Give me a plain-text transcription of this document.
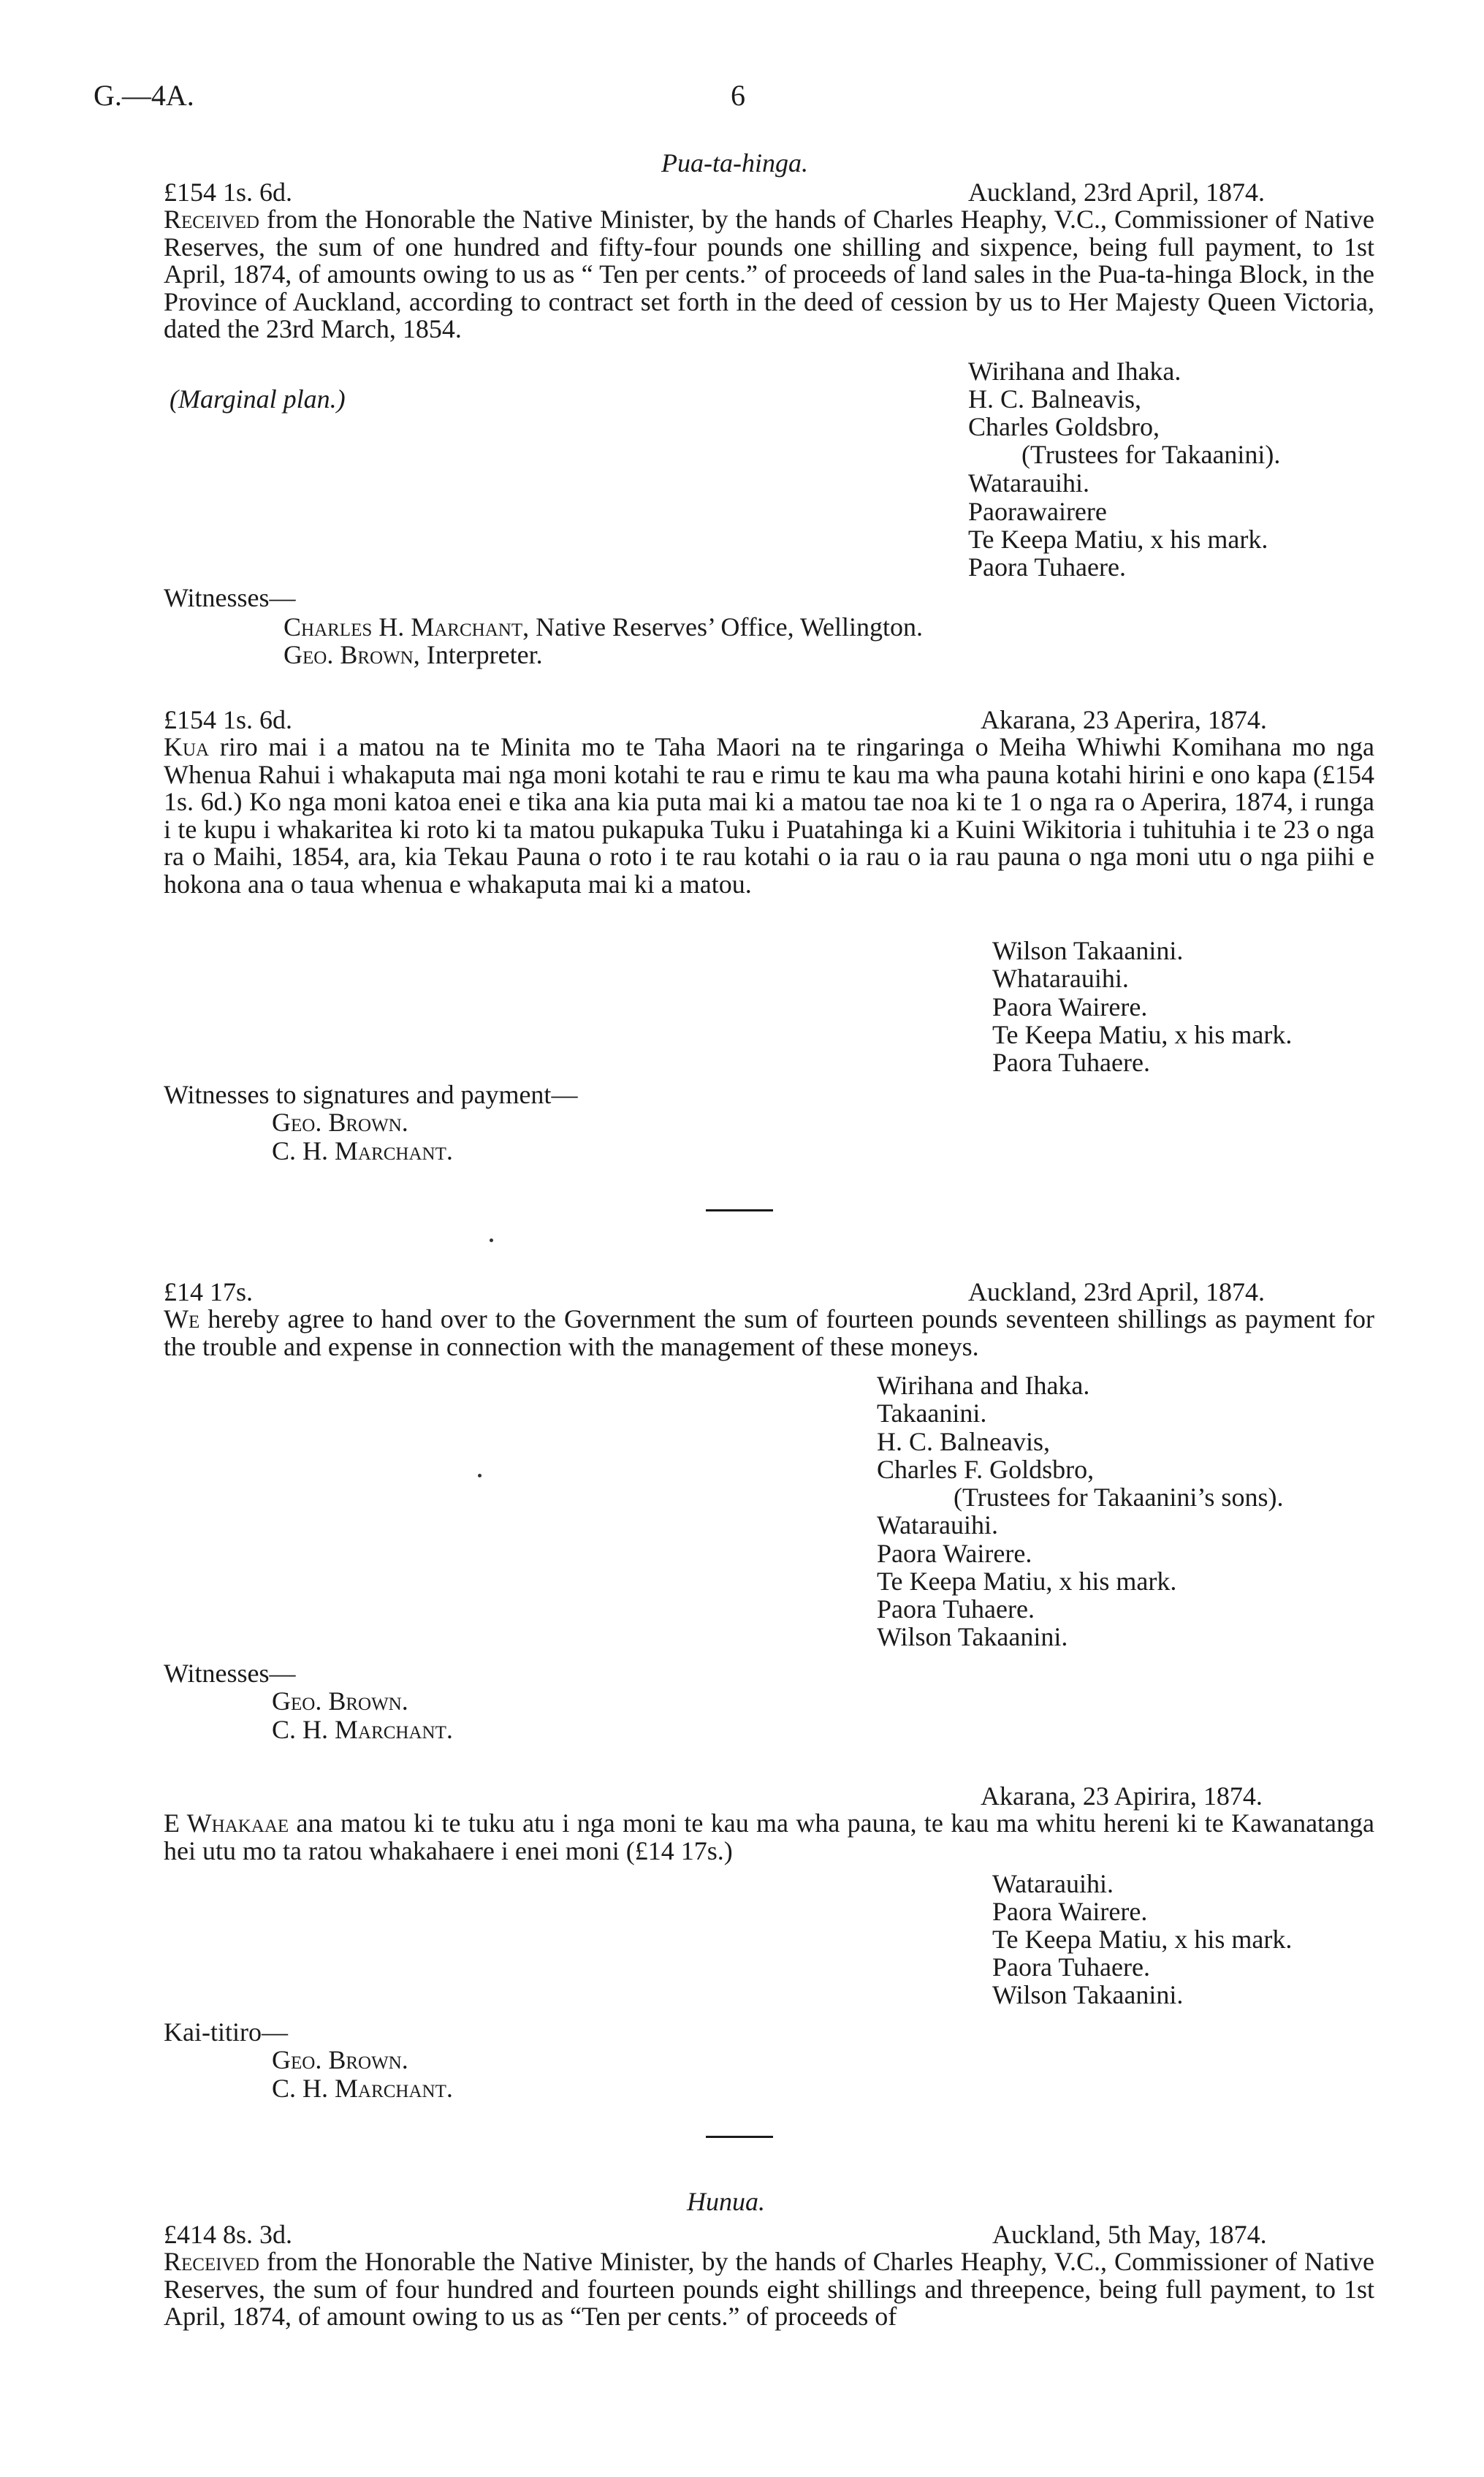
G.—4A.	6
Pua-ta-hinga.
£154 1s. 6d.	Auckland, 23rd April, 1874.

Received from the Honorable the Native Minister, by the hands of Charles Heaphy, V.C., Commissioner of Native Reserves, the sum of one hundred and fifty-four pounds one shilling and sixpence, being full payment, to 1st April, 1874, of amounts owing to us as “ Ten per cents.” of proceeds of land sales in the Pua-ta-hinga Block, in the Province of Auckland, according to contract set forth in the deed of cession by us to Her Majesty Queen Victoria, dated the 23rd March, 1854.

(Marginal plan.)
Wirihana and Ihaka.
H. C. Balneavis,
Charles Goldsbro,
(Trustees for Takaanini).
Watarauihi.
Paorawairere
Te Keepa Matiu, x his mark.
Paora Tuhaere.
Witnesses—
Charles H. Marchant, Native Reserves’ Office, Wellington.
Geo. Brown, Interpreter.
£154 1s. 6d.	Akarana, 23 Aperira, 1874.

Kua riro mai i a matou na te Minita mo te Taha Maori na te ringaringa o Meiha Whiwhi Komihana mo nga Whenua Rahui i whakaputa mai nga moni kotahi te rau e rimu te kau ma wha pauna kotahi hirini e ono kapa (£154 1s. 6d.) Ko nga moni katoa enei e tika ana kia puta mai ki a matou tae noa ki te 1 o nga ra o Aperira, 1874, i runga i te kupu i whakaritea ki roto ki ta matou pukapuka Tuku i Puatahinga ki a Kuini Wikitoria i tuhituhia i te 23 o nga ra o Maihi, 1854, ara, kia Tekau Pauna o roto i te rau kotahi o ia rau o ia rau pauna o nga moni utu o nga piihi e hokona ana o taua whenua e whakaputa mai ki a matou.

Wilson Takaanini.
Whatarauihi.
Paora Wairere.
Te Keepa Matiu, x his mark.
Paora Tuhaere.
Witnesses to signatures and payment—
Geo. Brown.
C. H. Marchant.
£14 17s.	Auckland, 23rd April, 1874.

We hereby agree to hand over to the Government the sum of fourteen pounds seventeen shillings as payment for the trouble and expense in connection with the management of these moneys.

Wirihana and Ihaka.
Takaanini.
H. C. Balneavis,
Charles F. Goldsbro,
(Trustees for Takaanini’s sons).
Watarauihi.
Paora Wairere.
Te Keepa Matiu, x his mark.
Paora Tuhaere.
Wilson Takaanini.
Witnesses—
Geo. Brown.
C. H. Marchant.
Akarana, 23 Apirira, 1874.

E Whakaae ana matou ki te tuku atu i nga moni te kau ma wha pauna, te kau ma whitu hereni ki te Kawanatanga hei utu mo ta ratou whakahaere i enei moni (£14 17s.)

Watarauihi.
Paora Wairere.
Te Keepa Matiu, x his mark.
Paora Tuhaere.
Wilson Takaanini.
Kai-titiro—
Geo. Brown.
C. H. Marchant.
Hunua.
£414 8s. 3d.	Auckland, 5th May, 1874.

Received from the Honorable the Native Minister, by the hands of Charles Heaphy, V.C., Commissioner of Native Reserves, the sum of four hundred and fourteen pounds eight shillings and threepence, being full payment, to 1st April, 1874, of amount owing to us as “Ten per cents.” of proceeds of
